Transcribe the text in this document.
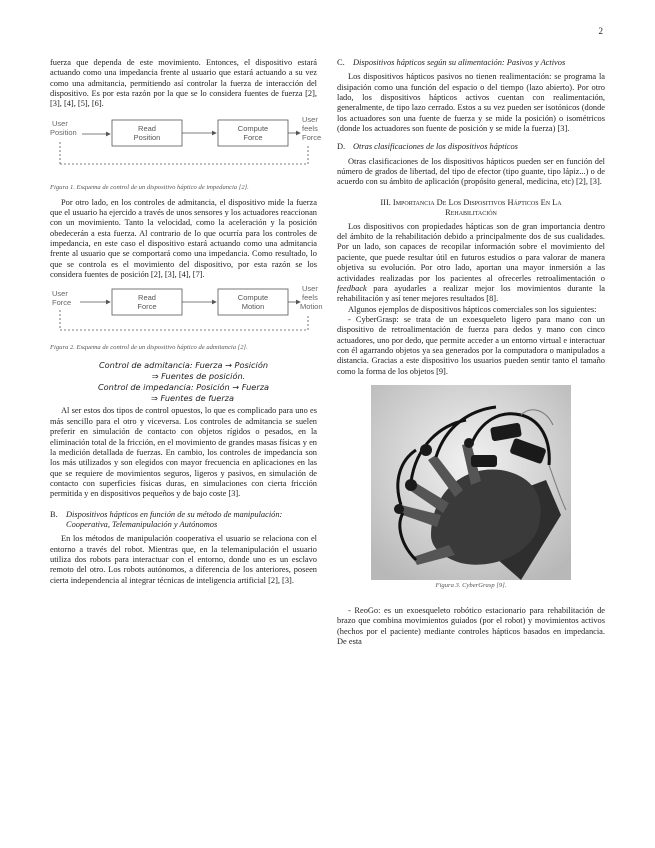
2

fuerza que dependa de este movimiento. Entonces, el dispositivo estará actuando como una impedancia frente al usuario que estará actuando a su vez como una admitancia, permitiendo así controlar la fuerza de interacción del dispositivo. Es por esta razón por la que se lo considera fuentes de fuerza [2], [3], [4], [5], [6].

User
Position	Read
Position
Compute
Force
User
feels
Force
Figura 1. Esquema de control de un dispositivo háptico de impedancia [2].

Por otro lado, en los controles de admitancia, el dispositivo mide la fuerza que el usuario ha ejercido a través de unos sensores y los actuadores reaccionan con un movimiento. Tanto la velocidad, como la aceleración y la posición obedecerán a esta fuerza. Al contrario de lo que ocurría para los controles de impedancia, en este caso el dispositivo estará actuando como una admitancia frente al usuario que se comportará como una impedancia. Como resultado, lo que se controla es el movimiento del dispositivo, por esta razón se los considera fuentes de posición [2], [3], [4], [7].

User
Force
Read
Force
Compute
Motion
User
feels
Motion
Figura 2. Esquema de control de un dispositivo háptico de admitancia [2].
Control de admitancia: Fuerza → Posición
⇒ Fuentes de posición.
Control de impedancia: Posición → Fuerza
⇒ Fuentes de fuerza

Al ser estos dos tipos de control opuestos, lo que es complicado para uno es más sencillo para el otro y viceversa. Los controles de admitancia se suelen preferir en simulación de contacto con objetos rígidos o pesados, en la eliminación total de la fricción, en el movimiento de grandes masas físicas y en la medición detallada de fuerzas. En cambio, los controles de impedancia son los más utilizados y son elegidos con mayor frecuencia en aplicaciones en las que se requiere de movimientos seguros, ligeros y pasivos, en simulación de contacto con superficies físicas duras, en simulaciones con cierta fricción permitida y en dispositivos pequeños y de bajo coste [3].

B. Dispositivos hápticos en función de su método de manipulación: Cooperativa, Telemanipulación y Autónomos

En los métodos de manipulación cooperativa el usuario se relaciona con el entorno a través del robot. Mientras que, en la telemanipulación el usuario utiliza dos robots para interactuar con el entorno, donde uno es un esclavo remoto del otro. Los robots autónomos, a diferencia de los anteriores, poseen cierta independencia al integrar técnicas de inteligencia artificial [2], [3].

C. Dispositivos hápticos según su alimentación: Pasivos y Activos

Los dispositivos hápticos pasivos no tienen realimentación: se programa la disipación como una función del espacio o del tiempo (lazo abierto). Por otro lado, los dispositivos hápticos activos cuentan con realimentación, generalmente, de tipo lazo cerrado. Estos a su vez pueden ser isotónicos (donde los actuadores son una fuente de fuerza y se mide la posición) o isométricos (donde los actuadores son fuente de posición y se mide la fuerza) [3].

D. Otras clasificaciones de los dispositivos hápticos

Otras clasificaciones de los dispositivos hápticos pueden ser en función del número de grados de libertad, del tipo de efector (tipo guante, tipo lápiz...) o de acuerdo con su ámbito de aplicación (propósito general, medicina, etc) [2], [3].

III. Importancia De Los Dispositivos Hápticos En La
Rehabilitación

Los dispositivos con propiedades hápticas son de gran importancia dentro del ámbito de la rehabilitación debido a principalmente dos de sus cualidades. Por un lado, son capaces de recopilar información sobre el movimiento del paciente, que puede resultar útil en futuros estudios o para valorar de manera objetiva su evolución. Por otro lado, aportan una mayor inmersión a las actividades realizadas por los pacientes al ofrecerles retroalimentación o feedback para ayudarles a realizar mejor los movimientos durante la rehabilitación y así tener mejores resultados [8].

Algunos ejemplos de dispositivos hápticos comerciales son los siguientes:

- CyberGrasp: se trata de un exoesqueleto ligero para mano con un dispositivo de retroalimentación de fuerza para dedos y mano con cinco actuadores, uno por dedo, que permite acceder a un entorno virtual e interactuar con él agarrando objetos ya sea generados por la computadora o manipulados a distancia. Gracias a este dispositivo los usuarios pueden sentir tanto el tamaño como la forma de los objetos [9].

Figura 3. CyberGrasp [9].

- ReoGo: es un exoesqueleto robótico estacionario para rehabilitación de brazo que combina movimientos guiados (por el robot) y movimientos activos (hechos por el paciente) mediante controles hápticos basados en impedancia. De esta
